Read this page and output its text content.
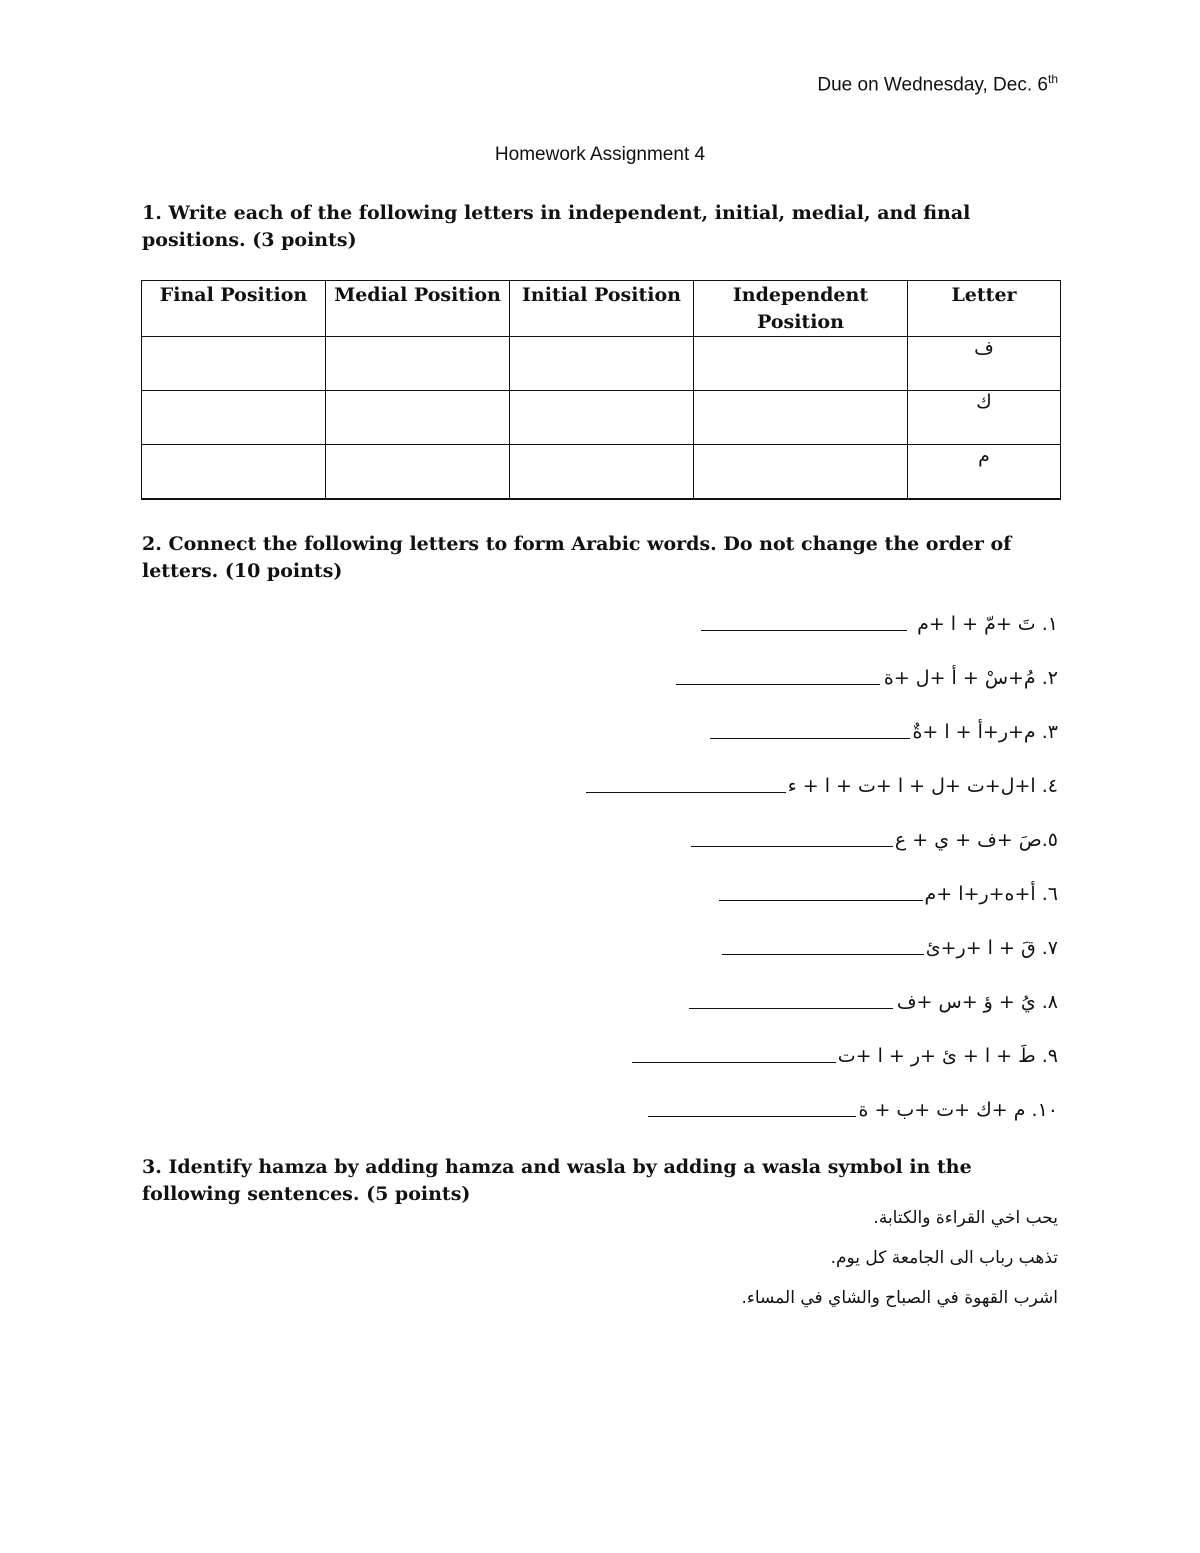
Due on Wednesday, Dec. 6th
Homework Assignment 4
1. Write each of the following letters in independent, initial, medial, and final positions. (3 points)
Final Position	Medial Position	Initial Position	Independent Position	Letter
				ف
				ك
				م
2. Connect the following letters to form Arabic words. Do not change the order of letters. (10 points)
١. تَ +مّ + ا +م
٢. مُ+سْ + أ +ل +ة
٣. م+ر+أ + ا +ةٌ
٤. ا+ل+ت +ل + ا +ت + ا + ء
٥.صَ +ف + ي + ع
٦. أ+ه+ر+ا +م
٧. قَ + ا +ر+ئ
٨. يُ + ؤ +س +ف
٩. طَ + ا + ئ +ر + ا +ت
١٠. م +ك +ت +ب + ة
3. Identify hamza by adding hamza and wasla by adding a wasla symbol in the following sentences. (5 points)
يحب اخي القراءة والكتابة.
تذهب رباب الى الجامعة كل يوم.
اشرب القهوة في الصباح والشاي في المساء.
